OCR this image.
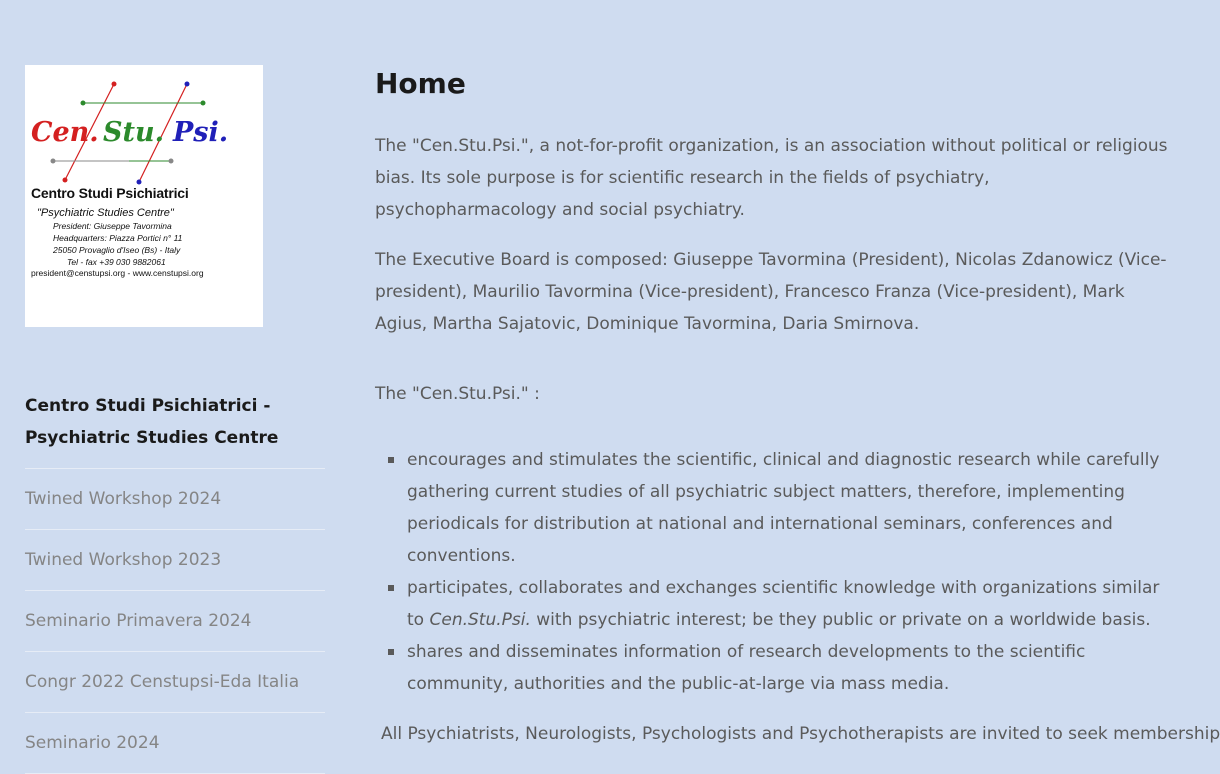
Cen. Stu. Psi.
Centro Studi Psichiatrici
"Psychiatric Studies Centre"
President: Giuseppe Tavormina
Headquarters: Piazza Portici n° 11
25050 Provaglio d'Iseo (Bs) - Italy
Tel - fax +39 030 9882061
president@censtupsi.org - www.censtupsi.org
Centro Studi Psichiatrici - Psychiatric Studies Centre
Twined Workshop 2024
Twined Workshop 2023
Seminario Primavera 2024
Congr 2022 Censtupsi-Eda Italia
Seminario 2024
Home

The "Cen.Stu.Psi.", a not-for-profit organization, is an association without political or religious bias. Its sole purpose is for scientific research in the fields of psychiatry, psychopharmacology and social psychiatry.

The Executive Board is composed: Giuseppe Tavormina (President), Nicolas Zdanowicz (Vice-president), Maurilio Tavormina (Vice-president), Francesco Franza (Vice-president), Mark Agius, Martha Sajatovic, Dominique Tavormina, Daria Smirnova.

The "Cen.Stu.Psi." :

encourages and stimulates the scientific, clinical and diagnostic research while carefully gathering current studies of all psychiatric subject matters, therefore, implementing periodicals for distribution at national and international seminars, conferences and conventions.
participates, collaborates and exchanges scientific knowledge with organizations similar to Cen.Stu.Psi. with psychiatric interest; be they public or private on a worldwide basis.
shares and disseminates information of research developments to the scientific community, authorities and the public-at-large via mass media.

All Psychiatrists, Neurologists, Psychologists and Psychotherapists are invited to seek membership
